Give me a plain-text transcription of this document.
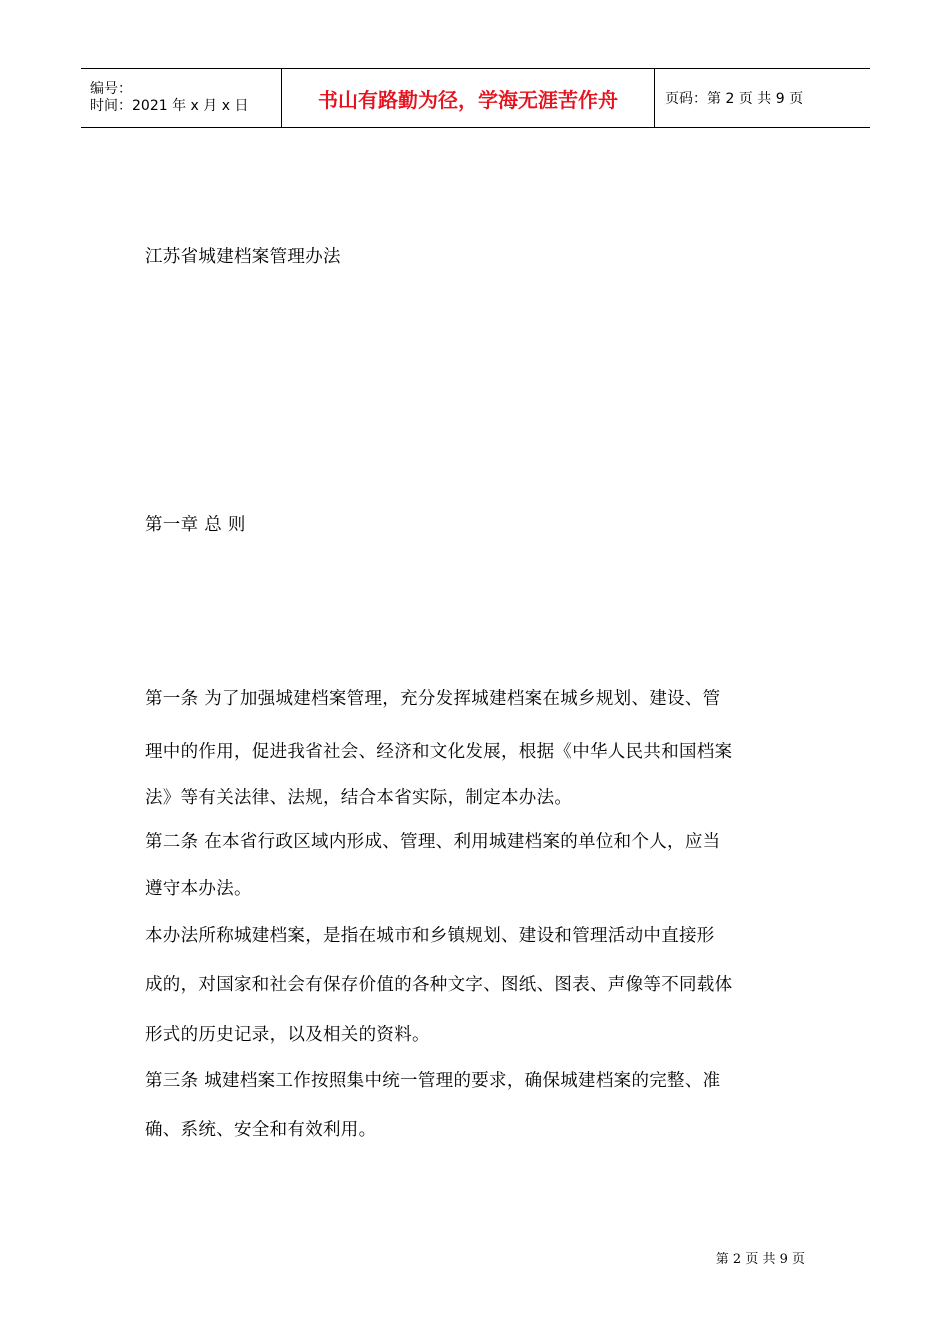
编号：
时间：2021 年 x 月 x 日	书山有路勤为径，学海无涯苦作舟	页码：第 2 页 共 9 页
江苏省城建档案管理办法
第一章 总 则
第一条 为了加强城建档案管理，充分发挥城建档案在城乡规划、建设、管
理中的作用，促进我省社会、经济和文化发展，根据《中华人民共和国档案
法》等有关法律、法规，结合本省实际，制定本办法。
第二条 在本省行政区域内形成、管理、利用城建档案的单位和个人，应当
遵守本办法。
本办法所称城建档案，是指在城市和乡镇规划、建设和管理活动中直接形
成的，对国家和社会有保存价值的各种文字、图纸、图表、声像等不同载体
形式的历史记录，以及相关的资料。
第三条 城建档案工作按照集中统一管理的要求，确保城建档案的完整、准
确、系统、安全和有效利用。
第 2 页 共 9 页
